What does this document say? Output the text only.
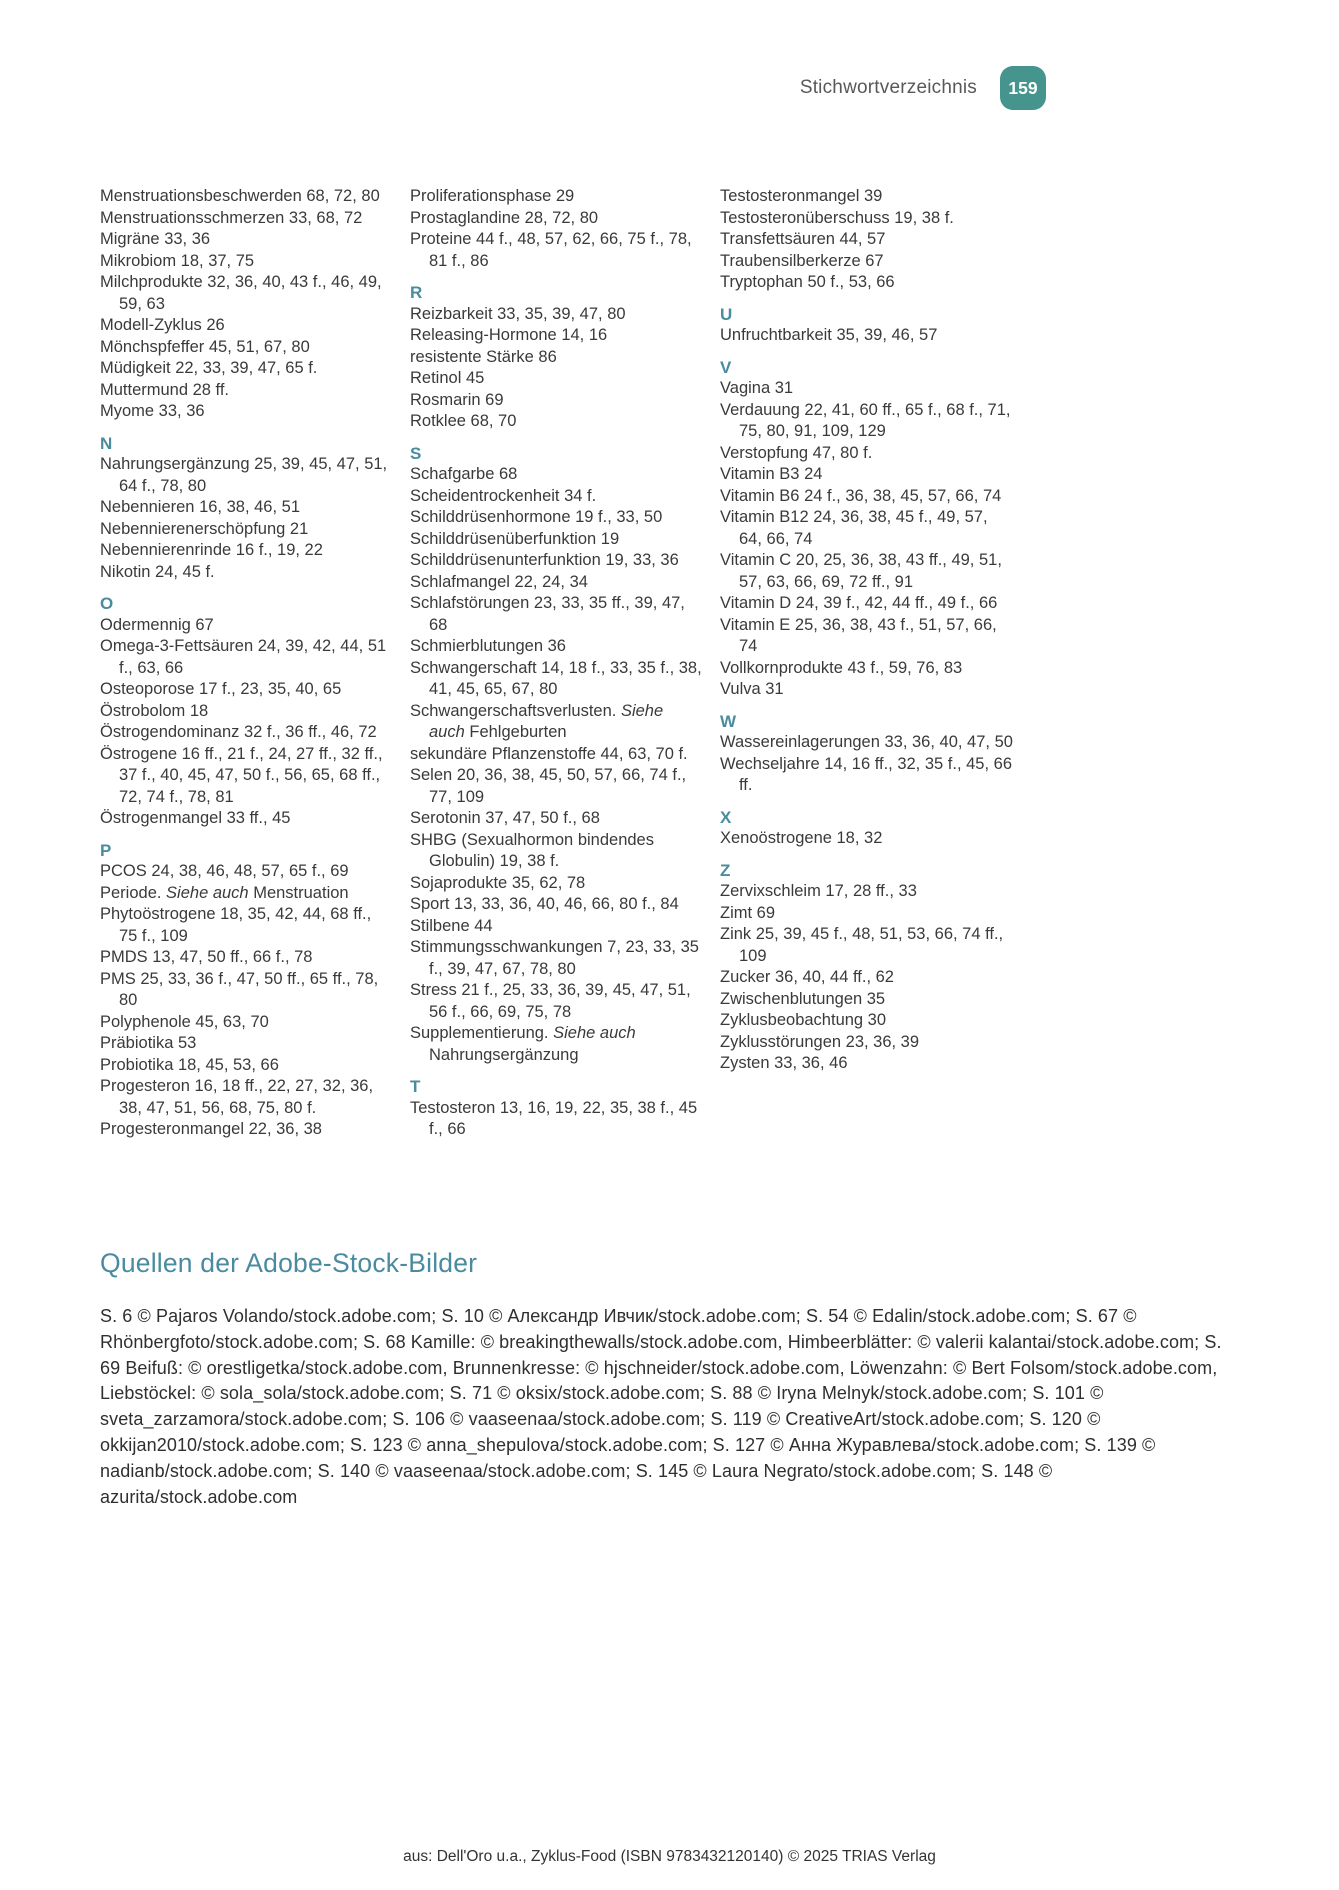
Stichwortverzeichnis	159

Menstruationsbeschwerden 68, 72, 80

Menstruationsschmerzen 33, 68, 72

Migräne 33, 36

Mikrobiom 18, 37, 75

Milchprodukte 32, 36, 40, 43 f., 46, 49, 59, 63

Modell-Zyklus 26

Mönchspfeffer 45, 51, 67, 80

Müdigkeit 22, 33, 39, 47, 65 f.

Muttermund 28 ff.

Myome 33, 36

N

Nahrungsergänzung 25, 39, 45, 47, 51, 64 f., 78, 80

Nebennieren 16, 38, 46, 51

Nebennierenerschöpfung 21

Nebennierenrinde 16 f., 19, 22

Nikotin 24, 45 f.

O

Odermennig 67

Omega-3-Fettsäuren 24, 39, 42, 44, 51 f., 63, 66

Osteoporose 17 f., 23, 35, 40, 65

Östrobolom 18

Östrogendominanz 32 f., 36 ff., 46, 72

Östrogene 16 ff., 21 f., 24, 27 ff., 32 ff., 37 f., 40, 45, 47, 50 f., 56, 65, 68 ff., 72, 74 f., 78, 81

Östrogenmangel 33 ff., 45

P

PCOS 24, 38, 46, 48, 57, 65 f., 69

Periode. Siehe auch Menstruation

Phytoöstrogene 18, 35, 42, 44, 68 ff., 75 f., 109

PMDS 13, 47, 50 ff., 66 f., 78

PMS 25, 33, 36 f., 47, 50 ff., 65 ff., 78, 80

Polyphenole 45, 63, 70

Präbiotika 53

Probiotika 18, 45, 53, 66

Progesteron 16, 18 ff., 22, 27, 32, 36, 38, 47, 51, 56, 68, 75, 80 f.

Progesteronmangel 22, 36, 38

Proliferationsphase 29

Prostaglandine 28, 72, 80

Proteine 44 f., 48, 57, 62, 66, 75 f., 78, 81 f., 86

R

Reizbarkeit 33, 35, 39, 47, 80

Releasing-Hormone 14, 16

resistente Stärke 86

Retinol 45

Rosmarin 69

Rotklee 68, 70

S

Schafgarbe 68

Scheidentrockenheit 34 f.

Schilddrüsenhormone 19 f., 33, 50

Schilddrüsenüberfunktion 19

Schilddrüsenunterfunktion 19, 33, 36

Schlafmangel 22, 24, 34

Schlafstörungen 23, 33, 35 ff., 39, 47, 68

Schmierblutungen 36

Schwangerschaft 14, 18 f., 33, 35 f., 38, 41, 45, 65, 67, 80

Schwangerschaftsverlusten. Siehe auch Fehlgeburten

sekundäre Pflanzenstoffe 44, 63, 70 f.

Selen 20, 36, 38, 45, 50, 57, 66, 74 f., 77, 109

Serotonin 37, 47, 50 f., 68

SHBG (Sexualhormon bindendes Globulin) 19, 38 f.

Sojaprodukte 35, 62, 78

Sport 13, 33, 36, 40, 46, 66, 80 f., 84

Stilbene 44

Stimmungsschwankungen 7, 23, 33, 35 f., 39, 47, 67, 78, 80

Stress 21 f., 25, 33, 36, 39, 45, 47, 51, 56 f., 66, 69, 75, 78

Supplementierung. Siehe auch Nahrungsergänzung

T

Testosteron 13, 16, 19, 22, 35, 38 f., 45 f., 66

Testosteronmangel 39

Testosteronüberschuss 19, 38 f.

Transfettsäuren 44, 57

Traubensilberkerze 67

Tryptophan 50 f., 53, 66

U

Unfruchtbarkeit 35, 39, 46, 57

V

Vagina 31

Verdauung 22, 41, 60 ff., 65 f., 68 f., 71, 75, 80, 91, 109, 129

Verstopfung 47, 80 f.

Vitamin B3 24

Vitamin B6 24 f., 36, 38, 45, 57, 66, 74

Vitamin B12 24, 36, 38, 45 f., 49, 57, 64, 66, 74

Vitamin C 20, 25, 36, 38, 43 ff., 49, 51, 57, 63, 66, 69, 72 ff., 91

Vitamin D 24, 39 f., 42, 44 ff., 49 f., 66

Vitamin E 25, 36, 38, 43 f., 51, 57, 66, 74

Vollkornprodukte 43 f., 59, 76, 83

Vulva 31

W

Wassereinlagerungen 33, 36, 40, 47, 50

Wechseljahre 14, 16 ff., 32, 35 f., 45, 66 ff.

X

Xenoöstrogene 18, 32

Z

Zervixschleim 17, 28 ff., 33

Zimt 69

Zink 25, 39, 45 f., 48, 51, 53, 66, 74 ff., 109

Zucker 36, 40, 44 ff., 62

Zwischenblutungen 35

Zyklusbeobachtung 30

Zyklusstörungen 23, 36, 39

Zysten 33, 36, 46

Quellen der Adobe-Stock-Bilder

S. 6 © Pajaros Volando/stock.adobe.com; S. 10 © Александр Ивчик/stock.adobe.com; S. 54 © Edalin/stock.adobe.com; S. 67 © Rhönbergfoto/stock.adobe.com; S. 68 Kamille: © breakingthewalls/stock.adobe.com, Himbeerblätter: © valerii kalantai/stock.adobe.com; S. 69 Beifuß: © orestligetka/stock.adobe.com, Brunnenkresse: © hjschneider/stock.adobe.com, Löwenzahn: © Bert Folsom/stock.adobe.com, Liebstöckel: © sola_sola/stock.adobe.com; S. 71 © oksix/stock.adobe.com; S. 88 © Iryna Melnyk/stock.adobe.com; S. 101 © sveta_zarzamora/stock.adobe.com; S. 106 © vaaseenaa/stock.adobe.com; S. 119 © CreativeArt/stock.adobe.com; S. 120 © okkijan2010/stock.adobe.com; S. 123 © anna_shepulova/stock.adobe.com; S. 127 © Анна Журавлева/stock.adobe.com; S. 139 © nadianb/stock.adobe.com; S. 140 © vaaseenaa/stock.adobe.com; S. 145 © Laura Negrato/stock.adobe.com; S. 148 © azurita/stock.adobe.com

aus: Dell'Oro u.a., Zyklus-Food (ISBN 9783432120140) © 2025 TRIAS Verlag
